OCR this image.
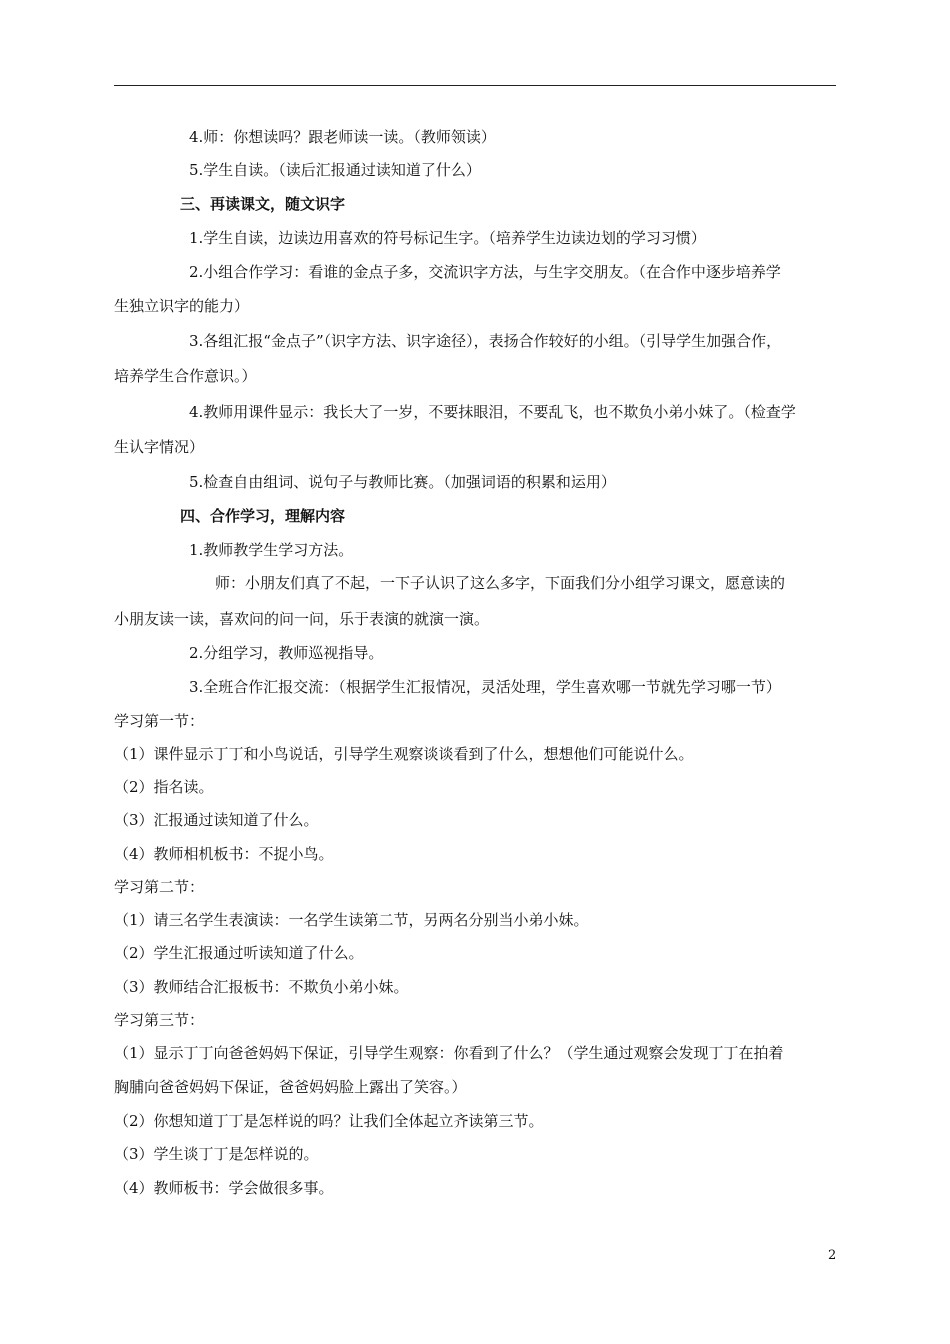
4.师：你想读吗？跟老师读一读。（教师领读）
5.学生自读。（读后汇报通过读知道了什么）
三、再读课文，随文识字
1.学生自读，边读边用喜欢的符号标记生字。（培养学生边读边划的学习习惯）
2.小组合作学习：看谁的金点子多，交流识字方法，与生字交朋友。（在合作中逐步培养学
生独立识字的能力）
3.各组汇报“金点子”（识字方法、识字途径），表扬合作较好的小组。（引导学生加强合作，
培养学生合作意识。）
4.教师用课件显示：我长大了一岁，不要抹眼泪，不要乱飞，也不欺负小弟小妹了。（检查学
生认字情况）
5.检查自由组词、说句子与教师比赛。（加强词语的积累和运用）
四、合作学习，理解内容
1.教师教学生学习方法。
师：小朋友们真了不起，一下子认识了这么多字，下面我们分小组学习课文，愿意读的
小朋友读一读，喜欢问的问一问，乐于表演的就演一演。
2.分组学习，教师巡视指导。
3.全班合作汇报交流：（根据学生汇报情况，灵活处理，学生喜欢哪一节就先学习哪一节）
学习第一节：
（1）课件显示丁丁和小鸟说话，引导学生观察谈谈看到了什么，想想他们可能说什么。
（2）指名读。
（3）汇报通过读知道了什么。
（4）教师相机板书：不捉小鸟。
学习第二节：
（1）请三名学生表演读：一名学生读第二节，另两名分别当小弟小妹。
（2）学生汇报通过听读知道了什么。
（3）教师结合汇报板书：不欺负小弟小妹。
学习第三节：
（1）显示丁丁向爸爸妈妈下保证，引导学生观察：你看到了什么？（学生通过观察会发现丁丁在拍着
胸脯向爸爸妈妈下保证，爸爸妈妈脸上露出了笑容。）
（2）你想知道丁丁是怎样说的吗？让我们全体起立齐读第三节。
（3）学生谈丁丁是怎样说的。
（4）教师板书：学会做很多事。
2
